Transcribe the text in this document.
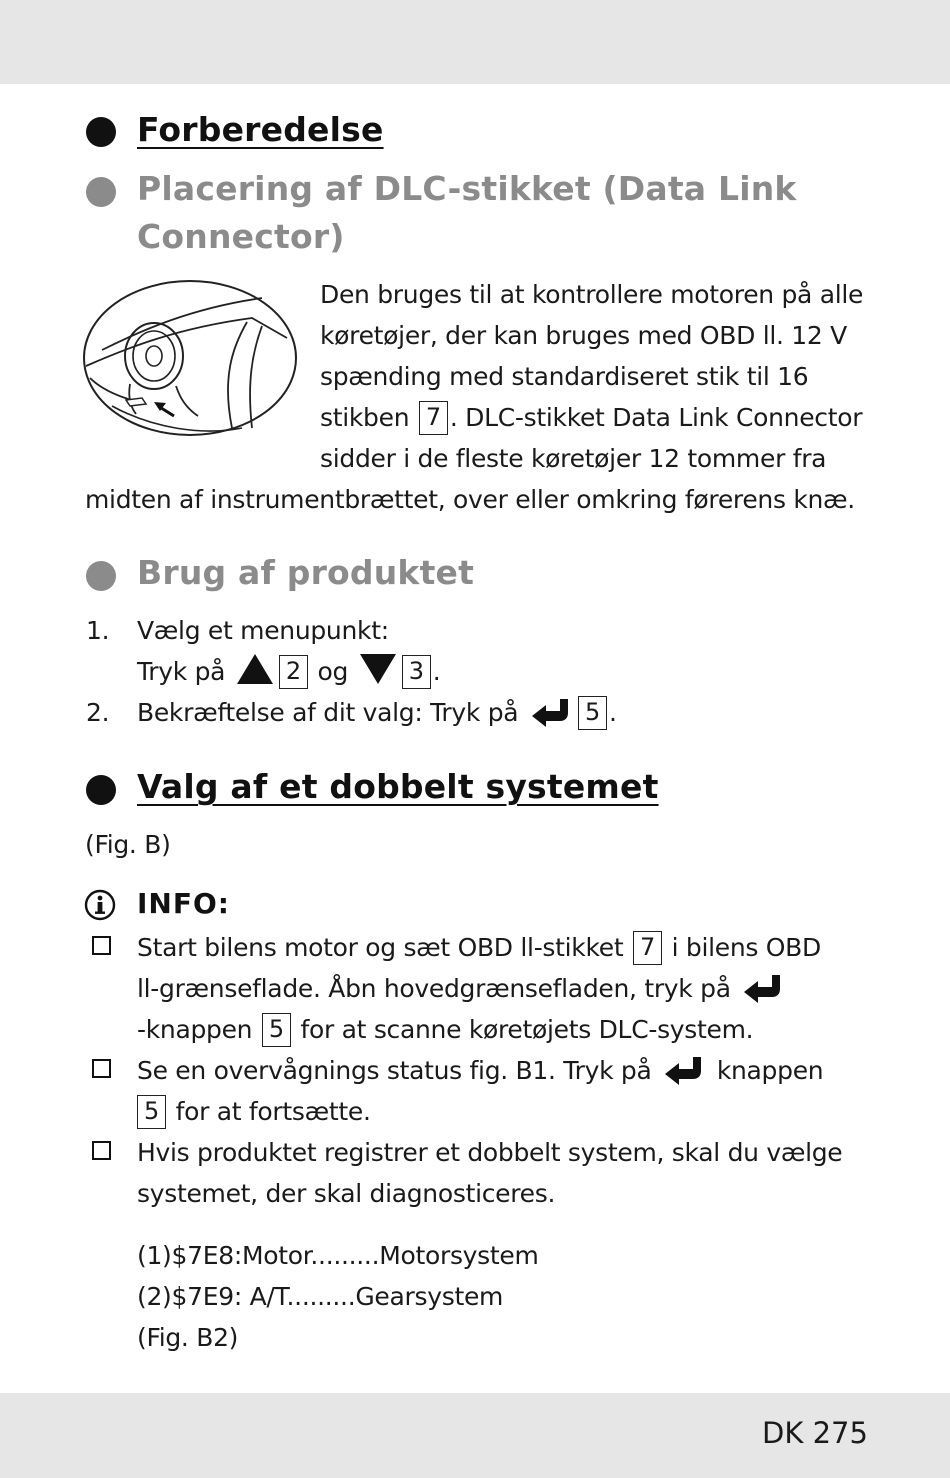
Forberedelse
Placering af DLC-stikket (Data Link
Connector)
Den bruges til at kontrollere motoren på alle
køretøjer, der kan bruges med OBD ll. 12 V
spænding med standardiseret stik til 16
stikben 7 . DLC-stikket Data Link Connector
sidder i de fleste køretøjer 12 tommer fra
midten af instrumentbrættet, over eller omkring førerens knæ.
Brug af produktet
1. Vælg et menupunkt:
Tryk på	2 og	3 .
2. Bekræftelse af dit valg: Tryk på	5 .
Valg af et dobbelt systemet
(Fig. B)
INFO:
Start bilens motor og sæt OBD ll-stikket 7 i bilens OBD
ll-grænseflade. Åbn hovedgrænsefladen, tryk på
-knappen 5 for at scanne køretøjets DLC-system.
Se en overvågnings status fig. B1. Tryk på	knappen
5 for at fortsætte.
Hvis produktet registrer et dobbelt system, skal du vælge
systemet, der skal diagnosticeres.
(1)$7E8:Motor.........Motorsystem
(2)$7E9: A/T.........Gearsystem
(Fig. B2)
DK 275
